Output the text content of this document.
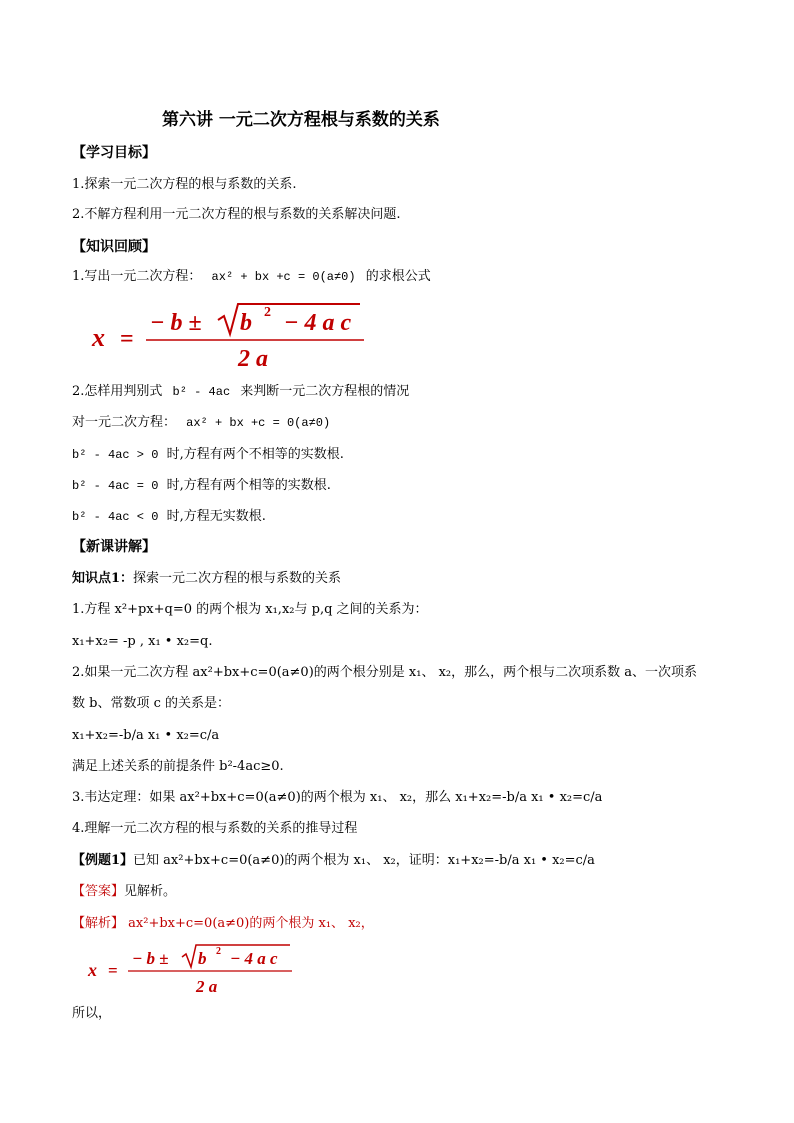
第六讲 一元二次方程根与系数的关系
【学习目标】
1.探索一元二次方程的根与系数的关系.
2.不解方程利用一元二次方程的根与系数的关系解决问题.
【知识回顾】
1.写出一元二次方程： ax² + bx +c = 0(a≠0) 的求根公式
x =
− b ± b 2 − 4 a c
2 a
2.怎样用判别式 b² - 4ac 来判断一元二次方程根的情况
对一元二次方程： ax² + bx +c = 0(a≠0)
b² - 4ac > 0 时,方程有两个不相等的实数根.
b² - 4ac = 0 时,方程有两个相等的实数根.
b² - 4ac < 0 时,方程无实数根.
【新课讲解】
知识点1：探索一元二次方程的根与系数的关系
1.方程 x²+px+q=0 的两个根为 x₁,x₂与 p,q 之间的关系为：
x₁+x₂= -p , x₁ • x₂=q.
2.如果一元二次方程 ax²+bx+c=0(a≠0)的两个根分别是 x₁、 x₂，那么，两个根与二次项系数 a、一次项系
数 b、常数项 c 的关系是：
x₁+x₂=-b/a x₁ • x₂=c/a
满足上述关系的前提条件 b²-4ac≥0.
3.韦达定理：如果 ax²+bx+c=0(a≠0)的两个根为 x₁、 x₂，那么 x₁+x₂=-b/a x₁ • x₂=c/a
4.理解一元二次方程的根与系数的关系的推导过程
【例题1】已知 ax²+bx+c=0(a≠0)的两个根为 x₁、 x₂，证明：x₁+x₂=-b/a x₁ • x₂=c/a
【答案】见解析。
【解析】 ax²+bx+c=0(a≠0)的两个根为 x₁、 x₂，
x =
− b ± b 2 − 4 a c
2 a
所以，
